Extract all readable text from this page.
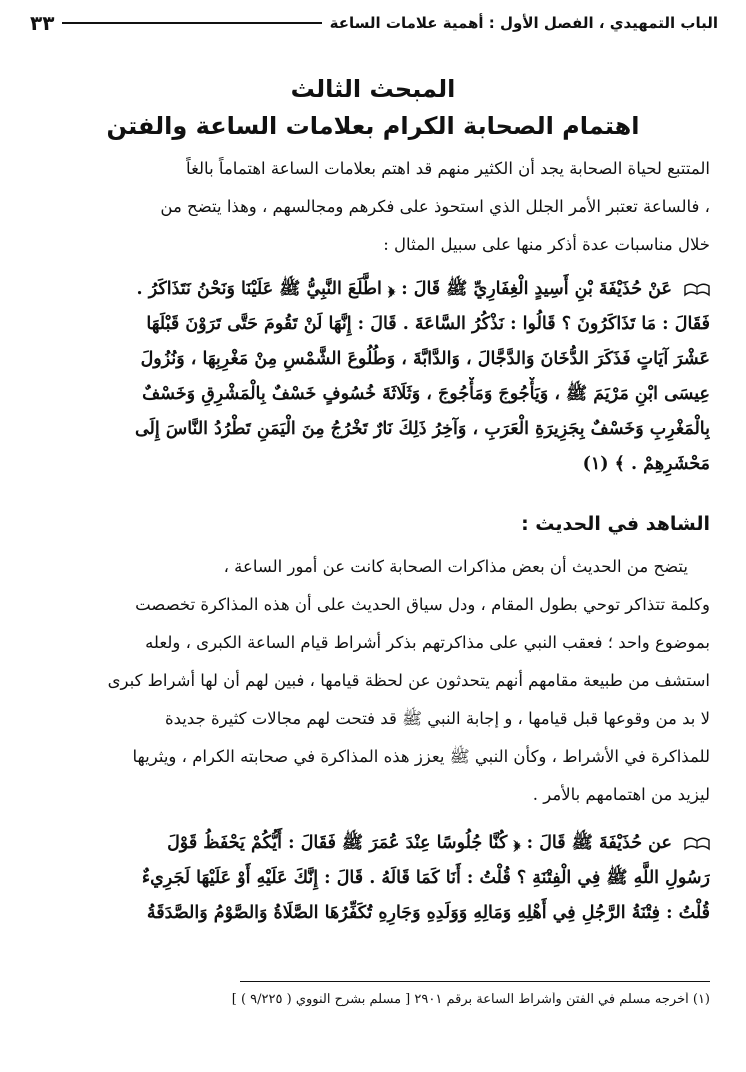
الباب التمهيدي ، الفصل الأول : أهمية علامات الساعة
٣٣
المبحث الثالث
اهتمام الصحابة الكرام بعلامات الساعة والفتن
المتتبع لحياة الصحابة يجد أن الكثير منهم قد اهتم بعلامات الساعة اهتماماً بالغاً
، فالساعة تعتبر الأمر الجلل الذي استحوذ على فكرهم ومجالسهم ، وهذا يتضح من
خلال مناسبات عدة أذكر منها على سبيل المثال :
عَنْ حُذَيْفَةَ بْنِ أَسِيدٍ الْغِفَارِيِّ ﷺ قَالَ : ﴿ اطَّلَعَ النَّبِيُّ ﷺ عَلَيْنَا وَنَحْنُ نَتَذَاكَرُ .
فَقَالَ : مَا تَذَاكَرُونَ ؟ قَالُوا : نَذْكُرُ السَّاعَةَ . قَالَ : إِنَّهَا لَنْ تَقُومَ حَتَّى تَرَوْنَ قَبْلَهَا
عَشْرَ آيَاتٍ فَذَكَرَ الدُّخَانَ وَالدَّجَّالَ ، وَالدَّابَّةَ ، وَطُلُوعَ الشَّمْسِ مِنْ مَغْرِبِهَا ، وَنُزُولَ
عِيسَى ابْنِ مَرْيَمَ ﷺ ، وَيَأْجُوجَ وَمَأْجُوجَ ، وَثَلَاثَةَ خُسُوفٍ خَسْفٌ بِالْمَشْرِقِ وَخَسْفٌ
بِالْمَغْرِبِ وَخَسْفٌ بِجَزِيرَةِ الْعَرَبِ ، وَآخِرُ ذَلِكَ نَارٌ تَخْرُجُ مِنَ الْيَمَنِ تَطْرُدُ النَّاسَ إِلَى
مَحْشَرِهِمْ . ﴾ (١)
الشاهد في الحديث :
يتضح من الحديث أن بعض مذاكرات الصحابة كانت عن أمور الساعة ،
وكلمة تتذاكر توحي بطول المقام ، ودل سياق الحديث على أن هذه المذاكرة تخصصت
بموضوع واحد ؛ فعقب النبي على مذاكرتهم بذكر أشراط قيام الساعة الكبرى ، ولعله
استشف من طبيعة مقامهم أنهم يتحدثون عن لحظة قيامها ، فبين لهم أن لها أشراط كبرى
لا بد من وقوعها قبل قيامها ، و إجابة النبي ﷺ قد فتحت لهم مجالات كثيرة جديدة
للمذاكرة في الأشراط ، وكأن النبي ﷺ يعزز هذه المذاكرة في صحابته الكرام ، ويثريها
ليزيد من اهتمامهم بالأمر .
عن حُذَيْفَةَ ﷺ قَالَ : ﴿ كُنَّا جُلُوسًا عِنْدَ عُمَرَ ﷺ فَقَالَ : أَيُّكُمْ يَحْفَظُ قَوْلَ
رَسُولِ اللَّهِ ﷺ فِي الْفِتْنَةِ ؟ قُلْتُ : أَنَا كَمَا قَالَهُ . قَالَ : إِنَّكَ عَلَيْهِ أَوْ عَلَيْهَا لَجَرِيءٌ
قُلْتُ : فِتْنَةُ الرَّجُلِ فِي أَهْلِهِ وَمَالِهِ وَوَلَدِهِ وَجَارِهِ تُكَفِّرُهَا الصَّلَاةُ وَالصَّوْمُ وَالصَّدَقَةُ
(١) أخرجه مسلم في الفتن وأشراط الساعة برقم ٢٩٠١ [ مسلم بشرح النووي ( ٩/٢٢٥ ) ]
